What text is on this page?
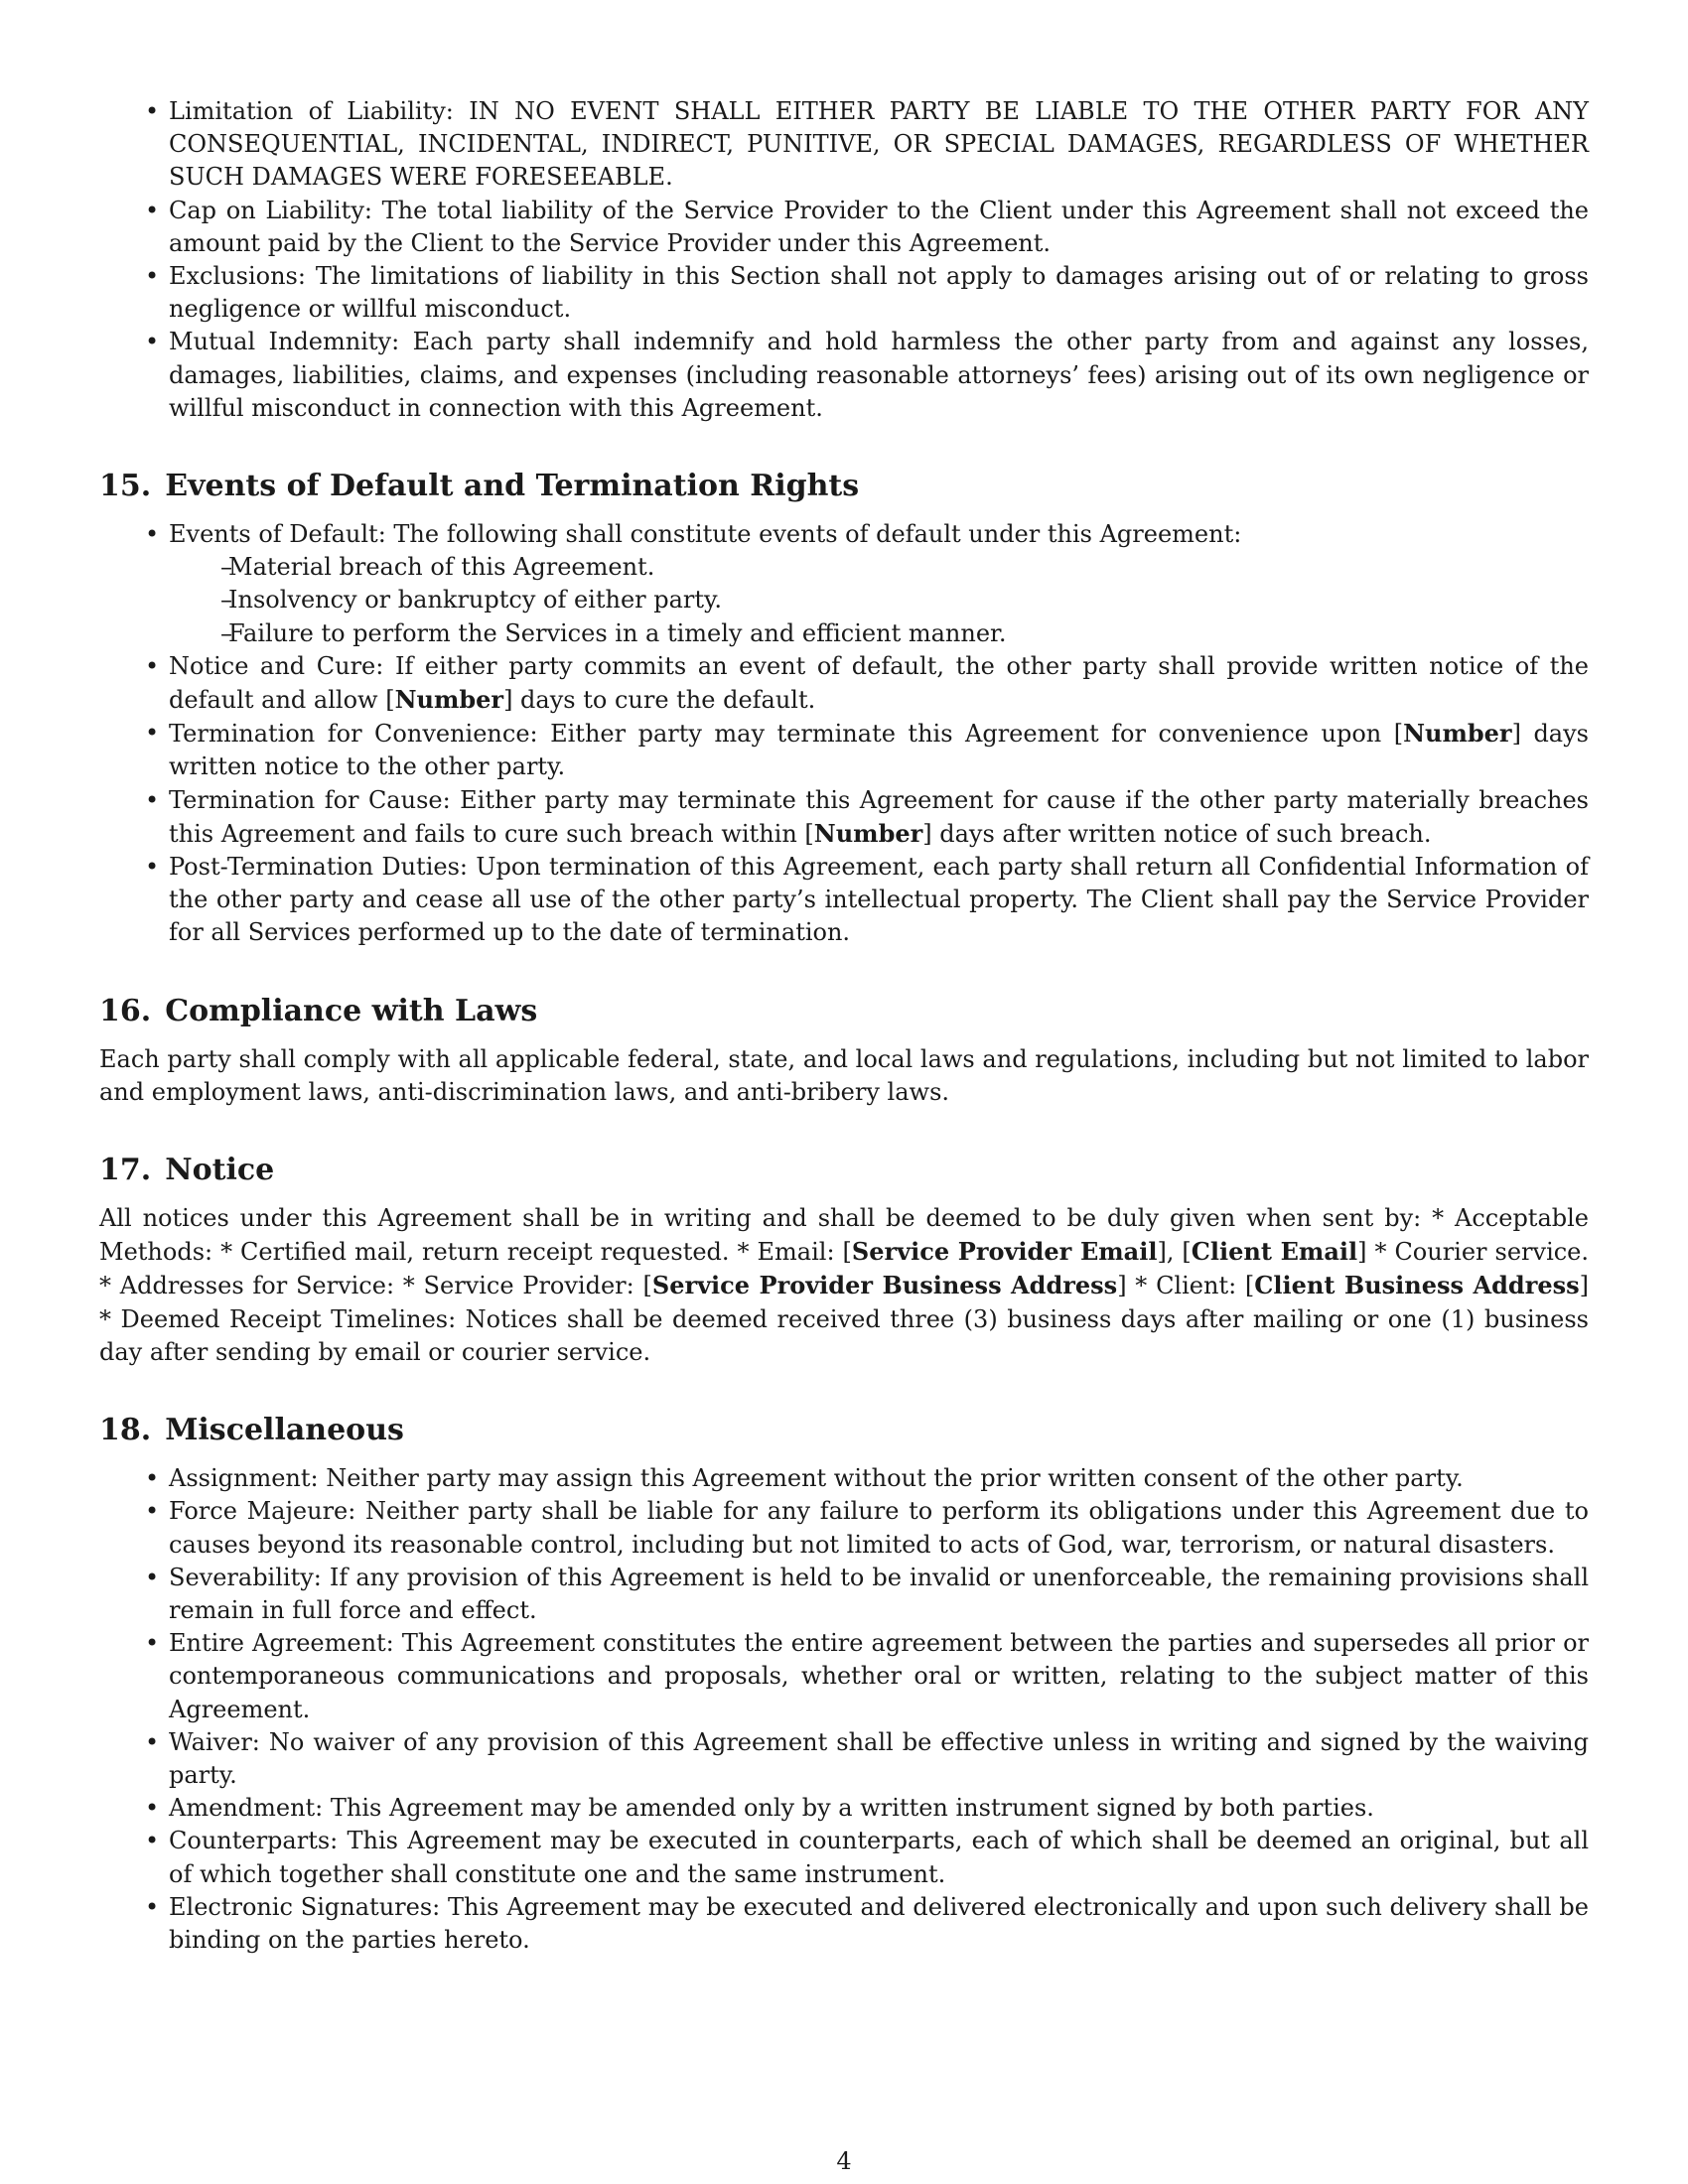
• Limitation of Liability: IN NO EVENT SHALL EITHER PARTY BE LIABLE TO THE OTHER PARTY FOR ANY CONSEQUENTIAL, INCIDENTAL, INDIRECT, PUNITIVE, OR SPECIAL DAMAGES, REGARDLESS OF WHETHER SUCH DAMAGES WERE FORESEEABLE.
• Cap on Liability: The total liability of the Service Provider to the Client under this Agreement shall not exceed the amount paid by the Client to the Service Provider under this Agreement.
• Exclusions: The limitations of liability in this Section shall not apply to damages arising out of or relating to gross negligence or willful misconduct.
• Mutual Indemnity: Each party shall indemnify and hold harmless the other party from and against any losses, damages, liabilities, claims, and expenses (including reasonable attorneys’ fees) arising out of its own negligence or willful misconduct in connection with this Agreement.
15. Events of Default and Termination Rights
• Events of Default: The following shall constitute events of default under this Agreement:
– Material breach of this Agreement.
– Insolvency or bankruptcy of either party.
– Failure to perform the Services in a timely and efficient manner.
• Notice and Cure: If either party commits an event of default, the other party shall provide written notice of the default and allow [Number] days to cure the default.
• Termination for Convenience: Either party may terminate this Agreement for convenience upon [Number] days written notice to the other party.
• Termination for Cause: Either party may terminate this Agreement for cause if the other party materially breaches this Agreement and fails to cure such breach within [Number] days after written notice of such breach.
• Post-Termination Duties: Upon termination of this Agreement, each party shall return all Confidential Information of the other party and cease all use of the other party’s intellectual property. The Client shall pay the Service Provider for all Services performed up to the date of termination.
16. Compliance with Laws

Each party shall comply with all applicable federal, state, and local laws and regulations, including but not limited to labor and employment laws, anti-discrimination laws, and anti-bribery laws.

17. Notice

All notices under this Agreement shall be in writing and shall be deemed to be duly given when sent by: * Acceptable Methods: * Certified mail, return receipt requested. * Email: [Service Provider Email], [Client Email] * Courier service. * Addresses for Service: * Service Provider: [Service Provider Business Address] * Client: [Client Business Address] * Deemed Receipt Timelines: Notices shall be deemed received three (3) business days after mailing or one (1) business day after sending by email or courier service.

18. Miscellaneous
• Assignment: Neither party may assign this Agreement without the prior written consent of the other party.
• Force Majeure: Neither party shall be liable for any failure to perform its obligations under this Agreement due to causes beyond its reasonable control, including but not limited to acts of God, war, terrorism, or natural disasters.
• Severability: If any provision of this Agreement is held to be invalid or unenforceable, the remaining provisions shall remain in full force and effect.
• Entire Agreement: This Agreement constitutes the entire agreement between the parties and supersedes all prior or contemporaneous communications and proposals, whether oral or written, relating to the subject matter of this Agreement.
• Waiver: No waiver of any provision of this Agreement shall be effective unless in writing and signed by the waiving party.
• Amendment: This Agreement may be amended only by a written instrument signed by both parties.
• Counterparts: This Agreement may be executed in counterparts, each of which shall be deemed an original, but all of which together shall constitute one and the same instrument.
• Electronic Signatures: This Agreement may be executed and delivered electronically and upon such delivery shall be binding on the parties hereto.
4
